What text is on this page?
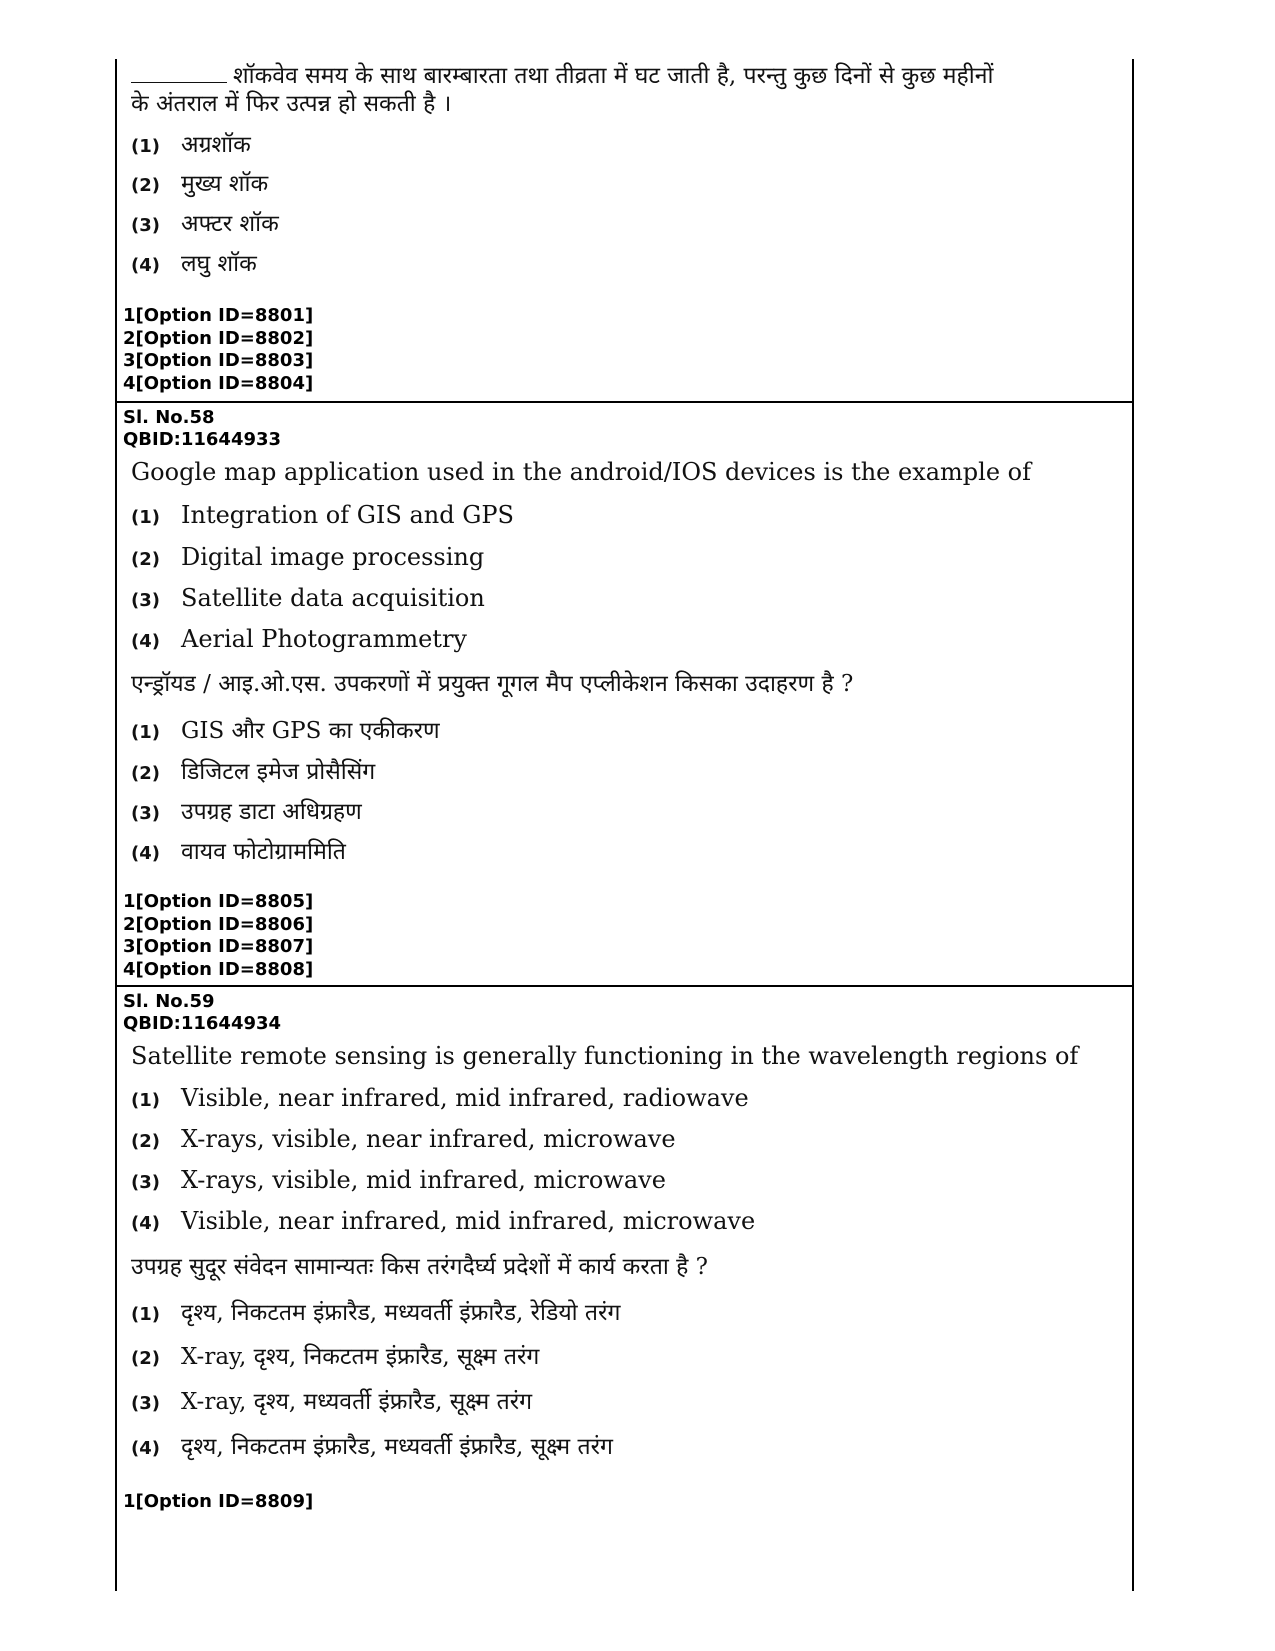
शॉकवेव समय के साथ बारम्बारता तथा तीव्रता में घट जाती है, परन्तु कुछ दिनों से कुछ महीनों
के अंतराल में फिर उत्पन्न हो सकती है ।
(1) अग्रशॉक
(2) मुख्य शॉक
(3) अफ्टर शॉक
(4) लघु शॉक
1[Option ID=8801]
2[Option ID=8802]
3[Option ID=8803]
4[Option ID=8804]
Sl. No.58
QBID:11644933
Google map application used in the android/IOS devices is the example of
(1) Integration of GIS and GPS
(2) Digital image processing
(3) Satellite data acquisition
(4) Aerial Photogrammetry
एन्ड्रॉयड / आइ.ओ.एस. उपकरणों में प्रयुक्त गूगल मैप एप्लीकेशन किसका उदाहरण है ?
(1) GIS और GPS का एकीकरण
(2) डिजिटल इमेज प्रोसैसिंग
(3) उपग्रह डाटा अधिग्रहण
(4) वायव फोटोग्राममिति
1[Option ID=8805]
2[Option ID=8806]
3[Option ID=8807]
4[Option ID=8808]
Sl. No.59
QBID:11644934
Satellite remote sensing is generally functioning in the wavelength regions of
(1) Visible, near infrared, mid infrared, radiowave
(2) X-rays, visible, near infrared, microwave
(3) X-rays, visible, mid infrared, microwave
(4) Visible, near infrared, mid infrared, microwave
उपग्रह सुदूर संवेदन सामान्यतः किस तरंगदैर्घ्य प्रदेशों में कार्य करता है ?
(1) दृश्य, निकटतम इंफ्रारैड, मध्यवर्ती इंफ्रारैड, रेडियो तरंग
(2) X-ray, दृश्य, निकटतम इंफ्रारैड, सूक्ष्म तरंग
(3) X-ray, दृश्य, मध्यवर्ती इंफ्रारैड, सूक्ष्म तरंग
(4) दृश्य, निकटतम इंफ्रारैड, मध्यवर्ती इंफ्रारैड, सूक्ष्म तरंग
1[Option ID=8809]
